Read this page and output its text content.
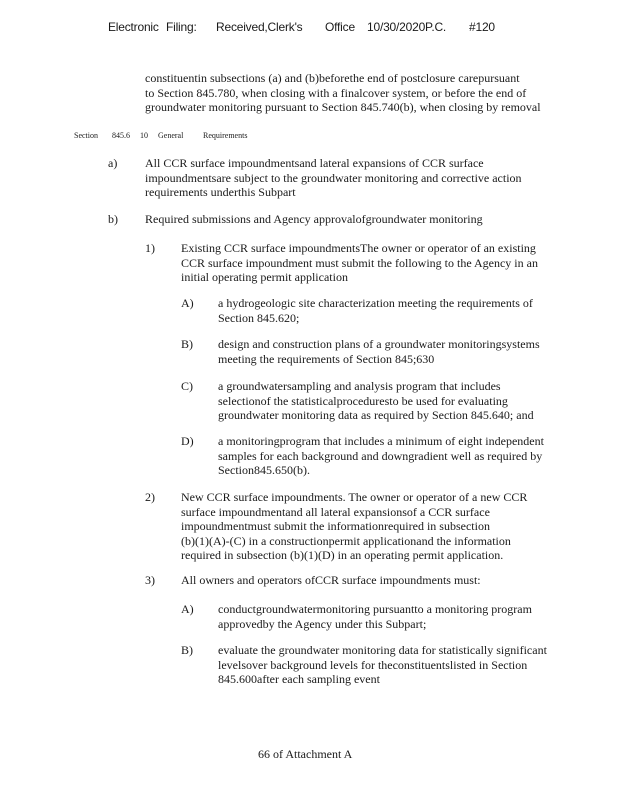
Electronic Filing: Received,Clerk's Office 10/30/2020P.C. #120
constituentin subsections (a) and (b)beforethe end of postclosure carepursuant
to Section 845.780, when closing with a finalcover system, or before the end of
groundwater monitoring pursuant to Section 845.740(b), when closing by removal
Section 845.6 10 General Requirements
a) All CCR surface impoundmentsand lateral expansions of CCR surface
impoundmentsare subject to the groundwater monitoring and corrective action
requirements underthis Subpart
b) Required submissions and Agency approvalofgroundwater monitoring
1) Existing CCR surface impoundmentsThe owner or operator of an existing
CCR surface impoundment must submit the following to the Agency in an
initial operating permit application
A) a hydrogeologic site characterization meeting the requirements of
Section 845.620;
B) design and construction plans of a groundwater monitoringsystems
meeting the requirements of Section 845;630
C) a groundwatersampling and analysis program that includes
selectionof the statisticalproceduresto be used for evaluating
groundwater monitoring data as required by Section 845.640; and
D) a monitoringprogram that includes a minimum of eight independent
samples for each background and downgradient well as required by
Section845.650(b).
2) New CCR surface impoundments. The owner or operator of a new CCR
surface impoundmentand all lateral expansionsof a CCR surface
impoundmentmust submit the informationrequired in subsection
(b)(1)(A)-(C) in a constructionpermit applicationand the information
required in subsection (b)(1)(D) in an operating permit application.
3) All owners and operators ofCCR surface impoundments must:
A) conductgroundwatermonitoring pursuantto a monitoring program
approvedby the Agency under this Subpart;
B) evaluate the groundwater monitoring data for statistically significant
levelsover background levels for theconstituentslisted in Section
845.600after each sampling event
66 of Attachment A
